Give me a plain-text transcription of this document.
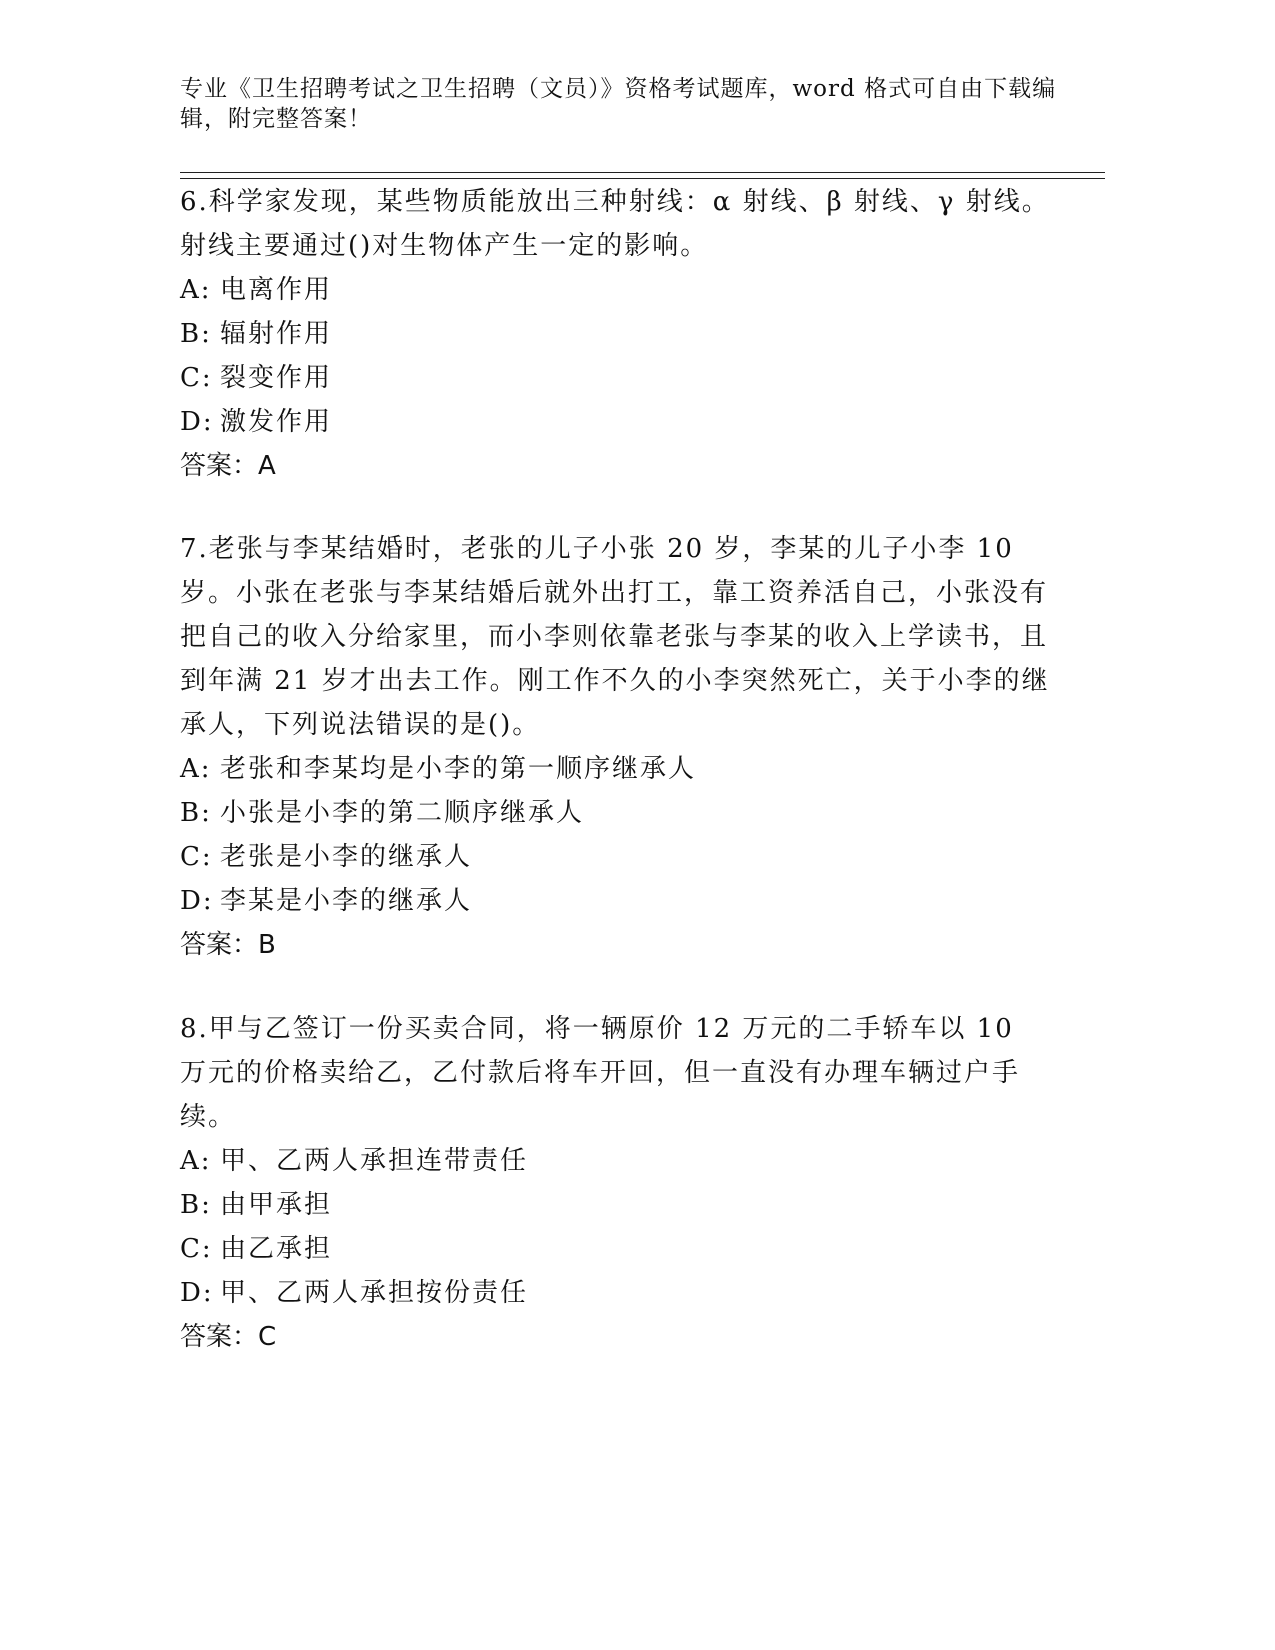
专业《卫生招聘考试之卫生招聘（文员）》资格考试题库，word 格式可自由下载编辑，附完整答案！

6.科学家发现，某些物质能放出三种射线：α 射线、β 射线、γ 射线。射线主要通过()对生物体产生一定的影响。

A: 电离作用

B: 辐射作用

C: 裂变作用

D: 激发作用

答案：A

7.老张与李某结婚时，老张的儿子小张 20 岁，李某的儿子小李 10 岁。小张在老张与李某结婚后就外出打工，靠工资养活自己，小张没有把自己的收入分给家里，而小李则依靠老张与李某的收入上学读书，且到年满 21 岁才出去工作。刚工作不久的小李突然死亡，关于小李的继承人，下列说法错误的是()。

A: 老张和李某均是小李的第一顺序继承人

B: 小张是小李的第二顺序继承人

C: 老张是小李的继承人

D: 李某是小李的继承人

答案：B

8.甲与乙签订一份买卖合同，将一辆原价 12 万元的二手轿车以 10 万元的价格卖给乙，乙付款后将车开回，但一直没有办理车辆过户手续。

A: 甲、乙两人承担连带责任

B: 由甲承担

C: 由乙承担

D: 甲、乙两人承担按份责任

答案：C
